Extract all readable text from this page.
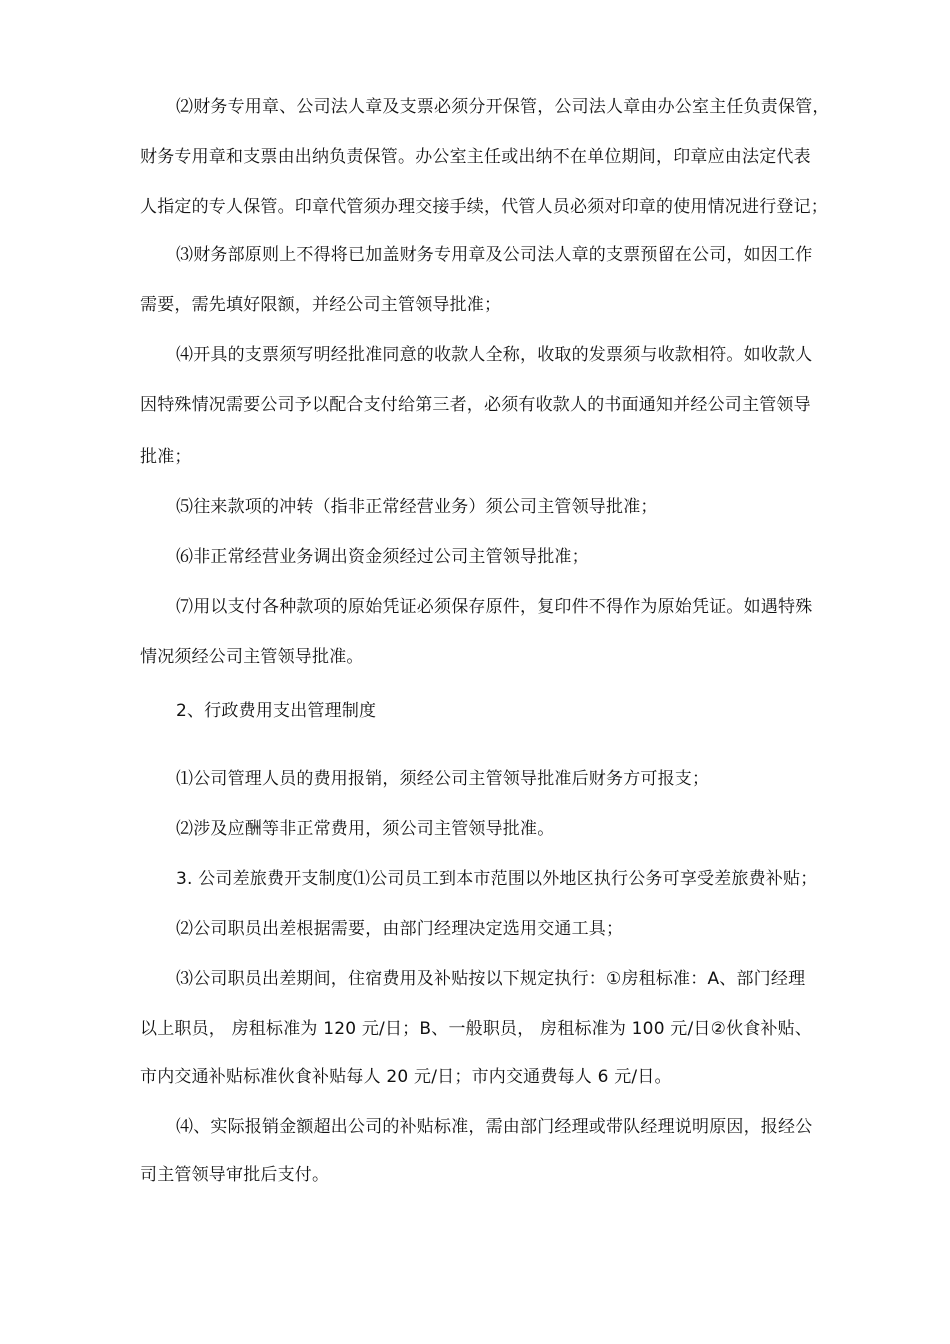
⑵财务专用章、公司法人章及支票必须分开保管，公司法人章由办公室主任负责保管，
财务专用章和支票由出纳负责保管。办公室主任或出纳不在单位期间，印章应由法定代表
人指定的专人保管。印章代管须办理交接手续，代管人员必须对印章的使用情况进行登记；
⑶财务部原则上不得将已加盖财务专用章及公司法人章的支票预留在公司，如因工作
需要，需先填好限额，并经公司主管领导批准；
⑷开具的支票须写明经批准同意的收款人全称，收取的发票须与收款相符。如收款人
因特殊情况需要公司予以配合支付给第三者，必须有收款人的书面通知并经公司主管领导
批准；
⑸往来款项的冲转（指非正常经营业务）须公司主管领导批准；
⑹非正常经营业务调出资金须经过公司主管领导批准；
⑺用以支付各种款项的原始凭证必须保存原件，复印件不得作为原始凭证。如遇特殊
情况须经公司主管领导批准。
2、行政费用支出管理制度
⑴公司管理人员的费用报销，须经公司主管领导批准后财务方可报支；
⑵涉及应酬等非正常费用，须公司主管领导批准。
3. 公司差旅费开支制度⑴公司员工到本市范围以外地区执行公务可享受差旅费补贴；
⑵公司职员出差根据需要，由部门经理决定选用交通工具；
⑶公司职员出差期间，住宿费用及补贴按以下规定执行：①房租标准：A、部门经理
以上职员， 房租标准为 120 元/日；B、一般职员， 房租标准为 100 元/日②伙食补贴、
市内交通补贴标准伙食补贴每人 20 元/日；市内交通费每人 6 元/日。
⑷、实际报销金额超出公司的补贴标准，需由部门经理或带队经理说明原因，报经公
司主管领导审批后支付。
